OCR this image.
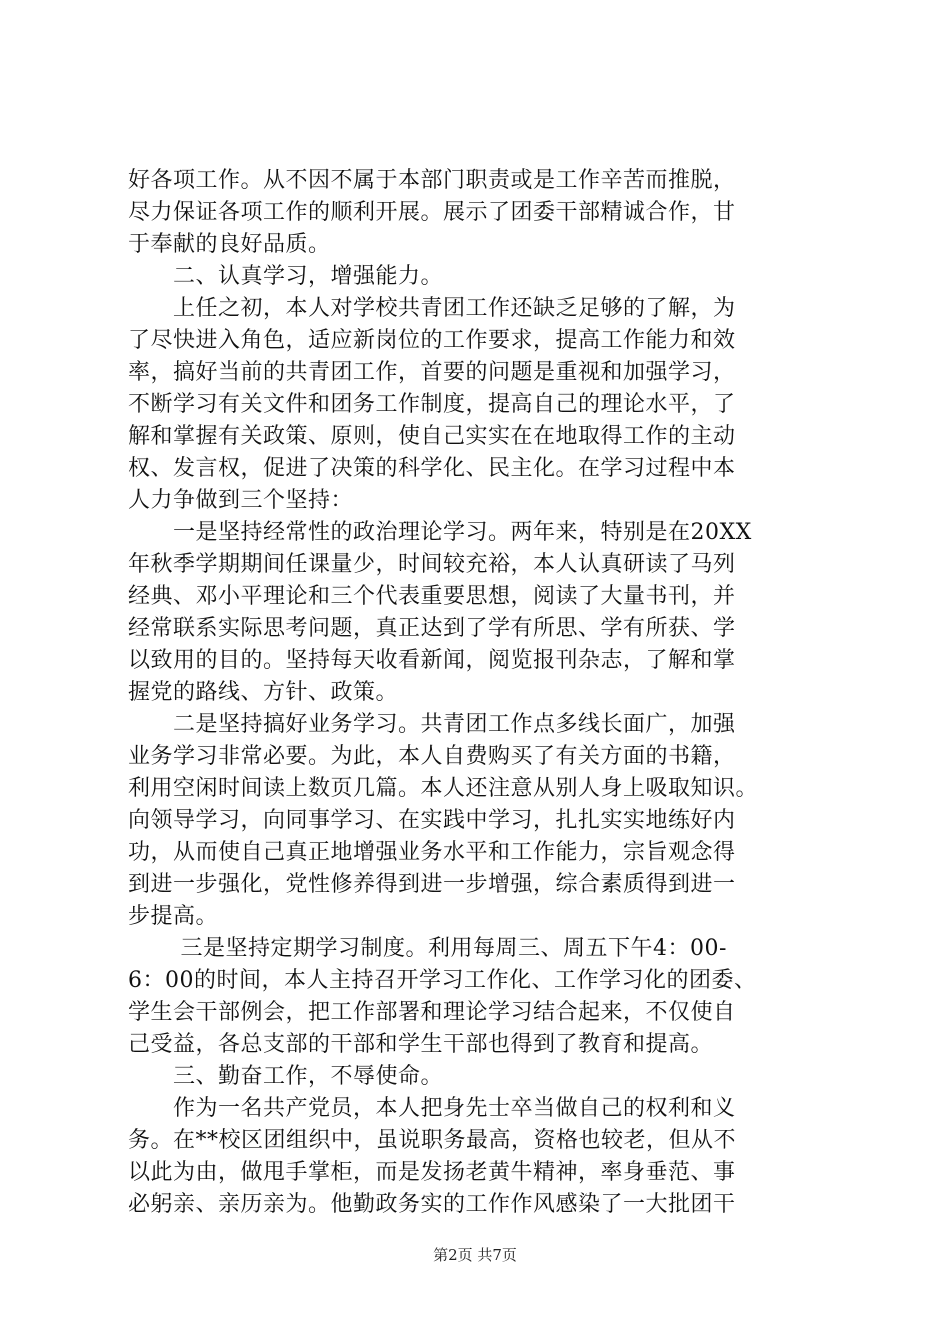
好各项工作。从不因不属于本部门职责或是工作辛苦而推脱，
尽力保证各项工作的顺利开展。展示了团委干部精诚合作，甘
于奉献的良好品质。
　　二、认真学习，增强能力。
　　上任之初，本人对学校共青团工作还缺乏足够的了解，为
了尽快进入角色，适应新岗位的工作要求，提高工作能力和效
率，搞好当前的共青团工作，首要的问题是重视和加强学习，
不断学习有关文件和团务工作制度，提高自己的理论水平，了
解和掌握有关政策、原则，使自己实实在在地取得工作的主动
权、发言权，促进了决策的科学化、民主化。在学习过程中本
人力争做到三个坚持：
　　一是坚持经常性的政治理论学习。两年来，特别是在20XX
年秋季学期期间任课量少，时间较充裕，本人认真研读了马列
经典、邓小平理论和三个代表重要思想，阅读了大量书刊，并
经常联系实际思考问题，真正达到了学有所思、学有所获、学
以致用的目的。坚持每天收看新闻，阅览报刊杂志，了解和掌
握党的路线、方针、政策。
　　二是坚持搞好业务学习。共青团工作点多线长面广，加强
业务学习非常必要。为此，本人自费购买了有关方面的书籍，
利用空闲时间读上数页几篇。本人还注意从别人身上吸取知识。
向领导学习，向同事学习、在实践中学习，扎扎实实地练好内
功，从而使自己真正地增强业务水平和工作能力，宗旨观念得
到进一步强化，党性修养得到进一步增强，综合素质得到进一
步提高。
　　 三是坚持定期学习制度。利用每周三、周五下午4：00-
6：00的时间，本人主持召开学习工作化、工作学习化的团委、
学生会干部例会，把工作部署和理论学习结合起来，不仅使自
己受益，各总支部的干部和学生干部也得到了教育和提高。
　　三、勤奋工作，不辱使命。
　　作为一名共产党员，本人把身先士卒当做自己的权利和义
务。在**校区团组织中，虽说职务最高，资格也较老，但从不
以此为由，做甩手掌柜，而是发扬老黄牛精神，率身垂范、事
必躬亲、亲历亲为。他勤政务实的工作作风感染了一大批团干
第2页 共7页
